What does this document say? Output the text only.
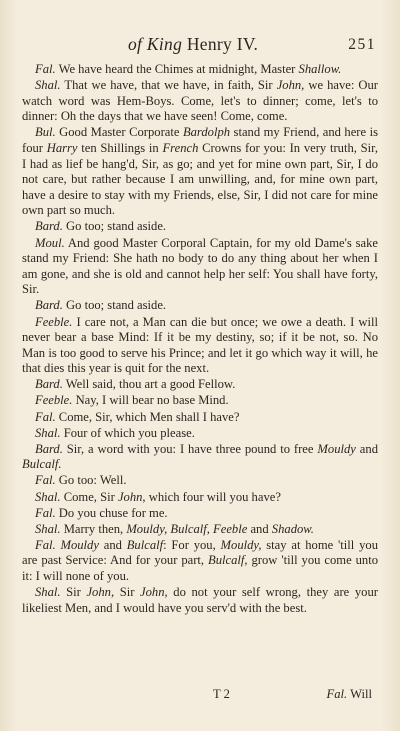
of King Henry IV.	251

Fal. We have heard the Chimes at midnight, Master Shallow.

Shal. That we have, that we have, in faith, Sir John, we have: Our watch word was Hem-Boys. Come, let's to dinner; come, let's to dinner: Oh the days that we have seen! Come, come.

Bul. Good Master Corporate Bardolph stand my Friend, and here is four Harry ten Shillings in French Crowns for you: In very truth, Sir, I had as lief be hang'd, Sir, as go; and yet for mine own part, Sir, I do not care, but rather because I am unwilling, and, for mine own part, have a desire to stay with my Friends, else, Sir, I did not care for mine own part so much.

Bard. Go too; stand aside.

Moul. And good Master Corporal Captain, for my old Dame's sake stand my Friend: She hath no body to do any thing about her when I am gone, and she is old and cannot help her self: You shall have forty, Sir.

Bard. Go too; stand aside.

Feeble. I care not, a Man can die but once; we owe a death. I will never bear a base Mind: If it be my destiny, so; if it be not, so. No Man is too good to serve his Prince; and let it go which way it will, he that dies this year is quit for the next.

Bard. Well said, thou art a good Fellow.

Feeble. Nay, I will bear no base Mind.

Fal. Come, Sir, which Men shall I have?

Shal. Four of which you please.

Bard. Sir, a word with you: I have three pound to free Mouldy and Bulcalf.

Fal. Go too: Well.

Shal. Come, Sir John, which four will you have?

Fal. Do you chuse for me.

Shal. Marry then, Mouldy, Bulcalf, Feeble and Shadow.

Fal. Mouldy and Bulcalf: For you, Mouldy, stay at home 'till you are past Service: And for your part, Bulcalf, grow 'till you come unto it: I will none of you.

Shal. Sir John, Sir John, do not your self wrong, they are your likeliest Men, and I would have you serv'd with the best.

T 2	Fal. Will
